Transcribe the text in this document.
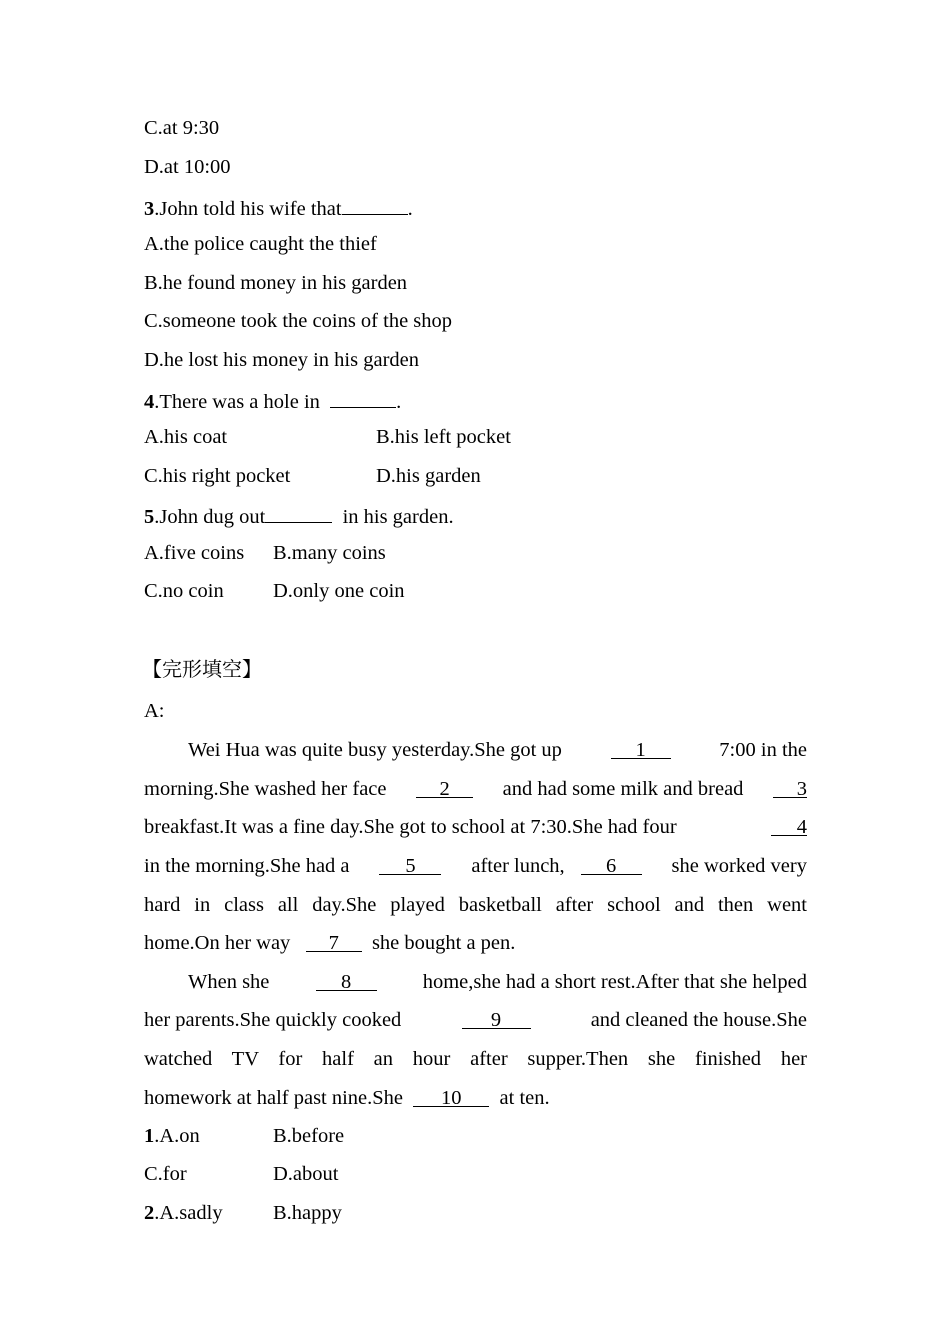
C.at 9:30
D.at 10:00
3.John told his wife that	.
A.the police caught the thief
B.he found money in his garden
C.someone took the coins of the shop
D.he lost his money in his garden
4.There was a hole in	.
A.his coat	B.his left pocket
C.his right pocket	D.his garden
5.John dug out	in his garden.
A.five coins B.many coins
C.no coin D.only one coin
【完形填空】
A:
Wei Hua was quite busy yesterday.She got up	1	7:00 in the
morning.She washed her face	2	and had some milk and bread	3
breakfast.It was a fine day.She got to school at 7:30.She had four	4
in the morning.She had a	5	after lunch,	6	she worked very
hard in class all day.She played basketball after school and then went
home.On her way 7 she bought a pen.
When she	8	home,she had a short rest.After that she helped
her parents.She quickly cooked	9	and cleaned the house.She
watched TV for half an hour after supper.Then she finished her
homework at half past nine.She 10 at ten.
1.A.on	B.before
C.for	D.about
2.A.sadly B.happy
